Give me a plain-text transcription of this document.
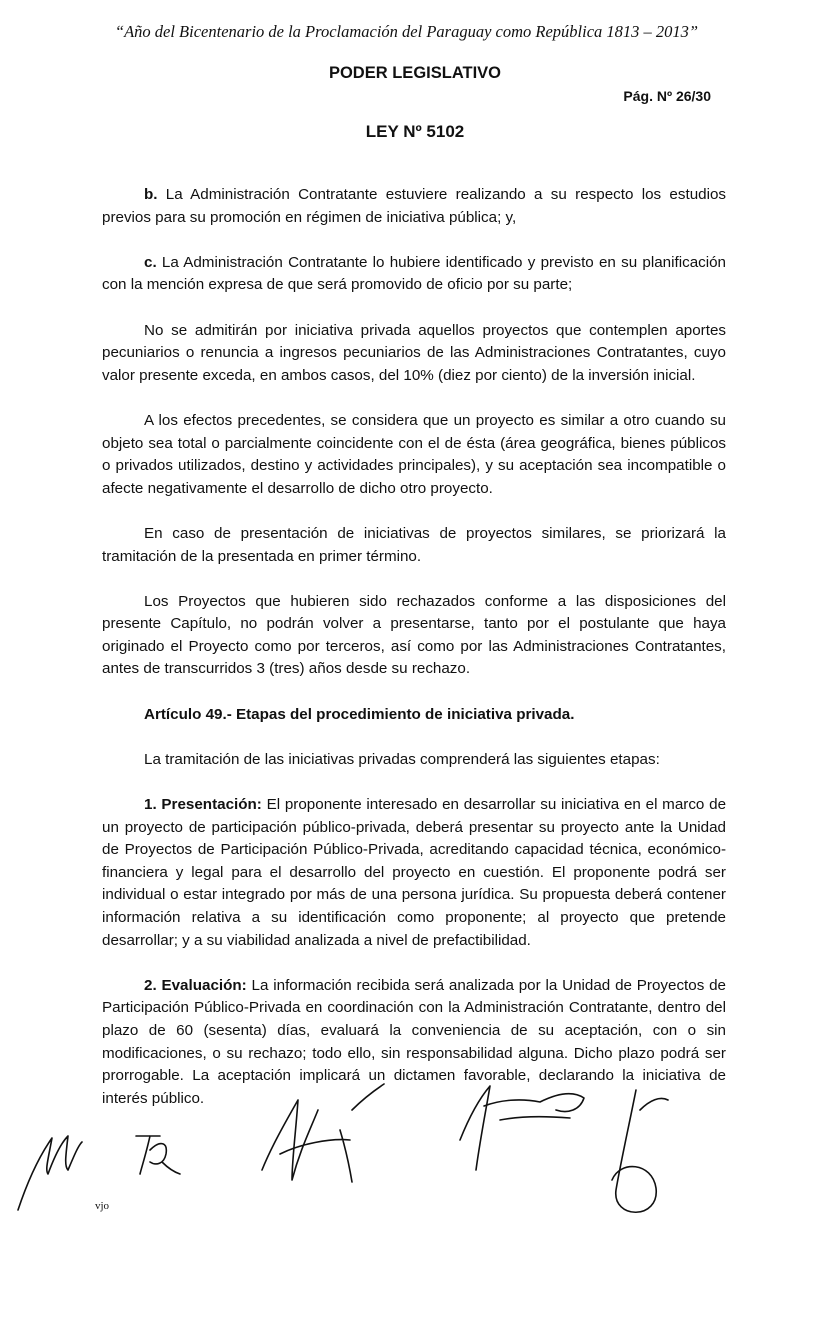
“Año del Bicentenario de la Proclamación del Paraguay como República 1813 – 2013”
PODER LEGISLATIVO
Pág. Nº 26/30
LEY Nº 5102

b. La Administración Contratante estuviere realizando a su respecto los estudios previos para su promoción en régimen de iniciativa pública; y,

c. La Administración Contratante lo hubiere identificado y previsto en su planificación con la mención expresa de que será promovido de oficio por su parte;

No se admitirán por iniciativa privada aquellos proyectos que contemplen aportes pecuniarios o renuncia a ingresos pecuniarios de las Administraciones Contratantes, cuyo valor presente exceda, en ambos casos, del 10% (diez por ciento) de la inversión inicial.

A los efectos precedentes, se considera que un proyecto es similar a otro cuando su objeto sea total o parcialmente coincidente con el de ésta (área geográfica, bienes públicos o privados utilizados, destino y actividades principales), y su aceptación sea incompatible o afecte negativamente el desarrollo de dicho otro proyecto.

En caso de presentación de iniciativas de proyectos similares, se priorizará la tramitación de la presentada en primer término.

Los Proyectos que hubieren sido rechazados conforme a las disposiciones del presente Capítulo, no podrán volver a presentarse, tanto por el postulante que haya originado el Proyecto como por terceros, así como por las Administraciones Contratantes, antes de transcurridos 3 (tres) años desde su rechazo.

Artículo 49.- Etapas del procedimiento de iniciativa privada.

La tramitación de las iniciativas privadas comprenderá las siguientes etapas:

1. Presentación: El proponente interesado en desarrollar su iniciativa en el marco de un proyecto de participación público-privada, deberá presentar su proyecto ante la Unidad de Proyectos de Participación Público-Privada, acreditando capacidad técnica, económico-financiera y legal para el desarrollo del proyecto en cuestión. El proponente podrá ser individual o estar integrado por más de una persona jurídica. Su propuesta deberá contener información relativa a su identificación como proponente; al proyecto que pretende desarrollar; y a su viabilidad analizada a nivel de prefactibilidad.

2. Evaluación: La información recibida será analizada por la Unidad de Proyectos de Participación Público-Privada en coordinación con la Administración Contratante, dentro del plazo de 60 (sesenta) días, evaluará la conveniencia de su aceptación, con o sin modificaciones, o su rechazo; todo ello, sin responsabilidad alguna. Dicho plazo podrá ser prorrogable. La aceptación implicará un dictamen favorable, declarando la iniciativa de interés público.

vjo
